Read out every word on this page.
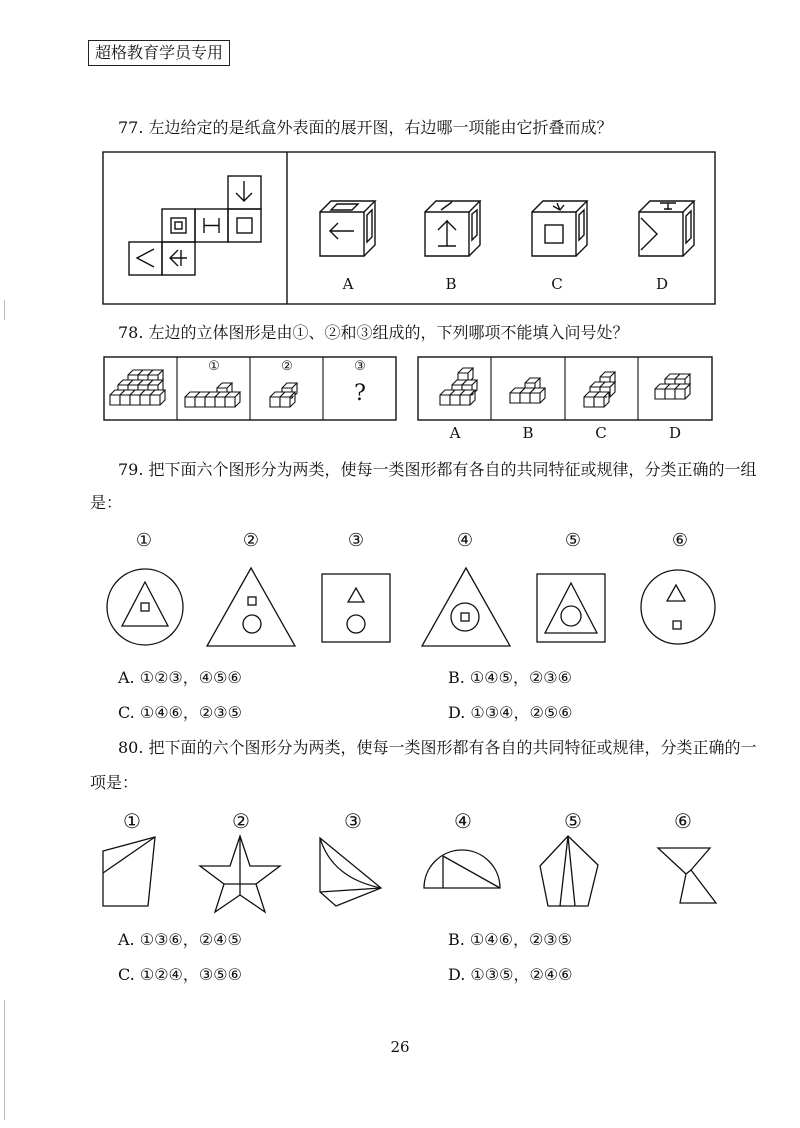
超格教育学员专用
77. 左边给定的是纸盒外表面的展开图，右边哪一项能由它折叠而成？
A	B	C	D
78. 左边的立体图形是由①、②和③组成的，下列哪项不能填入问号处？
①	②	③
?
A	B	C	D
79. 把下面六个图形分为两类，使每一类图形都有各自的共同特征或规律，分类正确的一组
是：
①	②	③	④	⑤	⑥
A. ①②③，④⑤⑥	B. ①④⑤，②③⑥
C. ①④⑥，②③⑤	D. ①③④，②⑤⑥
80. 把下面的六个图形分为两类，使每一类图形都有各自的共同特征或规律，分类正确的一
项是：
①	②	③	④	⑤	⑥
A. ①③⑥，②④⑤	B. ①④⑥，②③⑤
C. ①②④，③⑤⑥	D. ①③⑤，②④⑥
26
